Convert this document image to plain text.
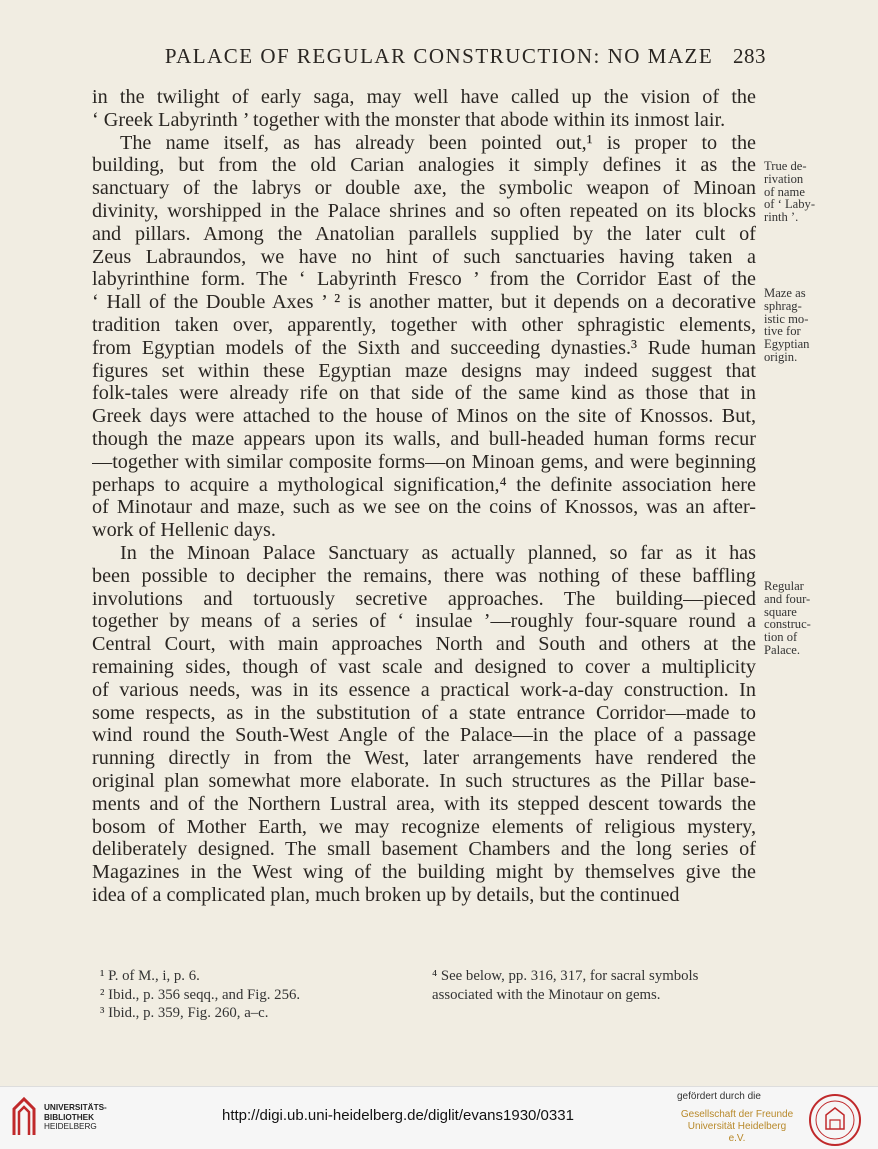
PALACE OF REGULAR CONSTRUCTION: NO MAZE 283
in the twilight of early saga, may well have called up the vision of the
‘ Greek Labyrinth ’ together with the monster that abode within its inmost lair.
The name itself, as has already been pointed out,¹ is proper to the
building, but from the old Carian analogies it simply defines it as the
sanctuary of the labrys or double axe, the symbolic weapon of Minoan
divinity, worshipped in the Palace shrines and so often repeated on its blocks
and pillars. Among the Anatolian parallels supplied by the later cult of
Zeus Labraundos, we have no hint of such sanctuaries having taken a
labyrinthine form. The ‘ Labyrinth Fresco ’ from the Corridor East of the
‘ Hall of the Double Axes ’ ² is another matter, but it depends on a decorative
tradition taken over, apparently, together with other sphragistic elements,
from Egyptian models of the Sixth and succeeding dynasties.³ Rude human
figures set within these Egyptian maze designs may indeed suggest that
folk-tales were already rife on that side of the same kind as those that in
Greek days were attached to the house of Minos on the site of Knossos. But,
though the maze appears upon its walls, and bull-headed human forms recur
—together with similar composite forms—on Minoan gems, and were beginning
perhaps to acquire a mythological signification,⁴ the definite association here
of Minotaur and maze, such as we see on the coins of Knossos, was an after-
work of Hellenic days.
In the Minoan Palace Sanctuary as actually planned, so far as it has
been possible to decipher the remains, there was nothing of these baffling
involutions and tortuously secretive approaches. The building—pieced
together by means of a series of ‘ insulae ’—roughly four-square round a
Central Court, with main approaches North and South and others at the
remaining sides, though of vast scale and designed to cover a multiplicity
of various needs, was in its essence a practical work-a-day construction. In
some respects, as in the substitution of a state entrance Corridor—made to
wind round the South-West Angle of the Palace—in the place of a passage
running directly in from the West, later arrangements have rendered the
original plan somewhat more elaborate. In such structures as the Pillar base-
ments and of the Northern Lustral area, with its stepped descent towards the
bosom of Mother Earth, we may recognize elements of religious mystery,
deliberately designed. The small basement Chambers and the long series of
Magazines in the West wing of the building might by themselves give the
idea of a complicated plan, much broken up by details, but the continued
True de-
rivation
of name
of ‘ Laby-
rinth ’.
Maze as
sphrag-
istic mo-
tive for
Egyptian
origin.
Regular
and four-
square
construc-
tion of
Palace.
¹ P. of M., i, p. 6.
² Ibid., p. 356 seqq., and Fig. 256.
³ Ibid., p. 359, Fig. 260, a–c.
⁴ See below, pp. 316, 317, for sacral symbols
associated with the Minotaur on gems.
UNIVERSITÄTS-
BIBLIOTHEK
HEIDELBERG
http://digi.ub.uni-heidelberg.de/diglit/evans1930/0331
gefördert durch die
Gesellschaft der Freunde
Universität Heidelberg e.V.
